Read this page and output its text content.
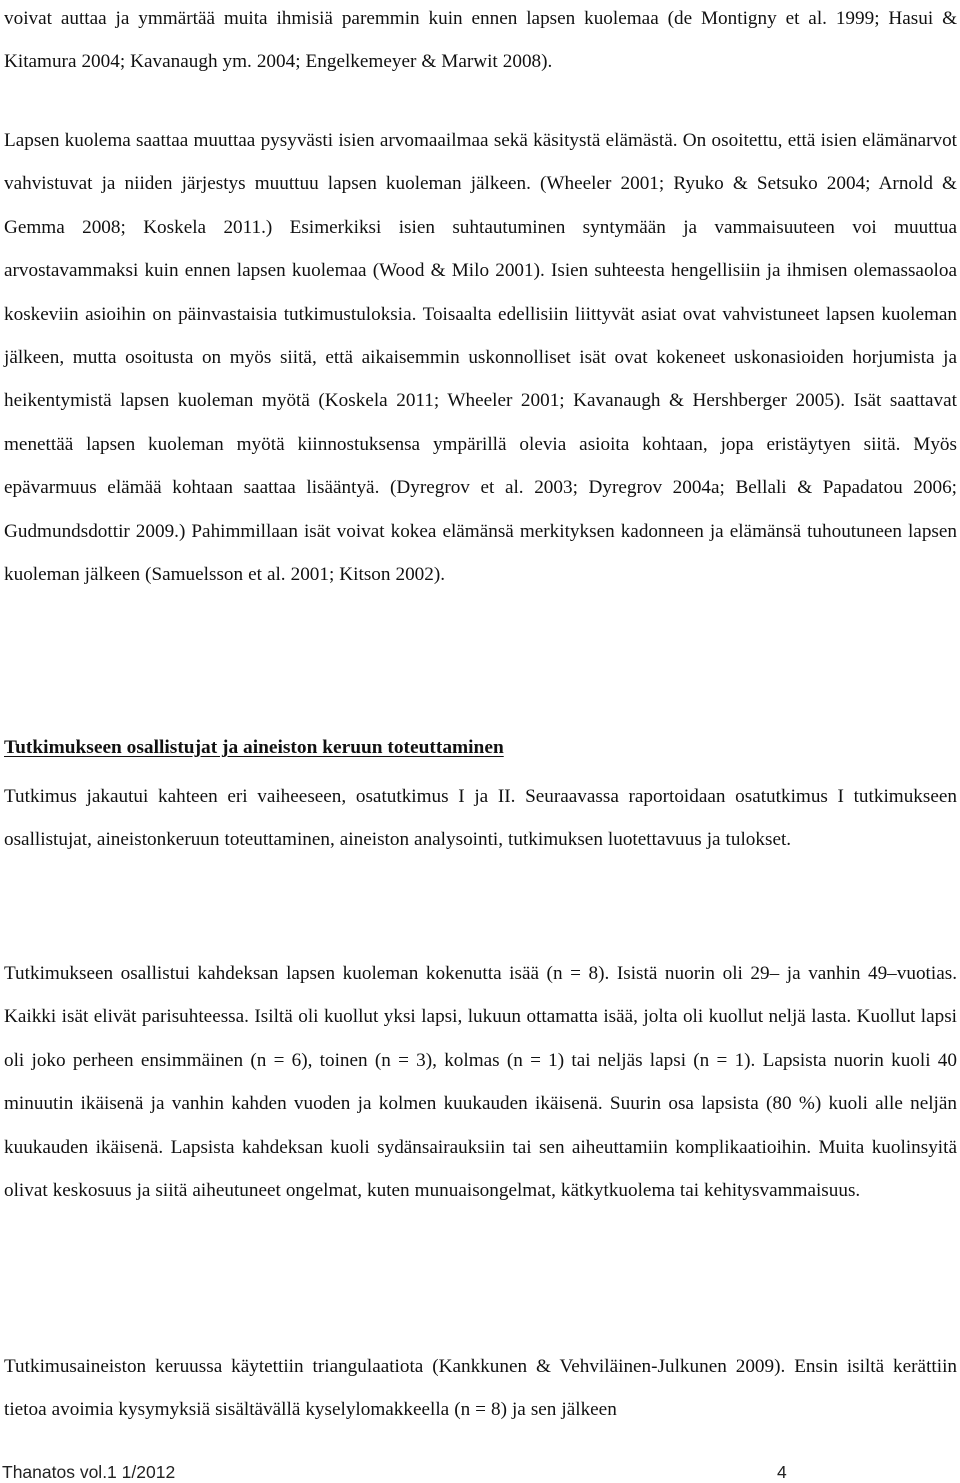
voivat auttaa ja ymmärtää muita ihmisiä paremmin kuin ennen lapsen kuolemaa (de Montigny et al. 1999; Hasui & Kitamura 2004; Kavanaugh ym. 2004; Engelkemeyer & Marwit 2008).

Lapsen kuolema saattaa muuttaa pysyvästi isien arvomaailmaa sekä käsitystä elämästä. On osoitettu, että isien elämänarvot vahvistuvat ja niiden järjestys muuttuu lapsen kuoleman jälkeen. (Wheeler 2001; Ryuko & Setsuko 2004; Arnold & Gemma 2008; Koskela 2011.) Esimerkiksi isien suhtautuminen syntymään ja vammaisuuteen voi muuttua arvostavammaksi kuin ennen lapsen kuolemaa (Wood & Milo 2001). Isien suhteesta hengellisiin ja ihmisen olemassaoloa koskeviin asioihin on päinvastaisia tutkimustuloksia. Toisaalta edellisiin liittyvät asiat ovat vahvistuneet lapsen kuoleman jälkeen, mutta osoitusta on myös siitä, että aikaisemmin uskonnolliset isät ovat kokeneet uskonasioiden horjumista ja heikentymistä lapsen kuoleman myötä (Koskela 2011; Wheeler 2001; Kavanaugh & Hershberger 2005). Isät saattavat menettää lapsen kuoleman myötä kiinnostuksensa ympärillä olevia asioita kohtaan, jopa eristäytyen siitä. Myös epävarmuus elämää kohtaan saattaa lisääntyä. (Dyregrov et al. 2003; Dyregrov 2004a; Bellali & Papadatou 2006; Gudmundsdottir 2009.) Pahimmillaan isät voivat kokea elämänsä merkityksen kadonneen ja elämänsä tuhoutuneen lapsen kuoleman jälkeen (Samuelsson et al. 2001; Kitson 2002).

Tutkimukseen osallistujat ja aineiston keruun toteuttaminen

Tutkimus jakautui kahteen eri vaiheeseen, osatutkimus I ja II. Seuraavassa raportoidaan osatutkimus I tutkimukseen osallistujat, aineistonkeruun toteuttaminen, aineiston analysointi, tutkimuksen luotettavuus ja tulokset.

Tutkimukseen osallistui kahdeksan lapsen kuoleman kokenutta isää (n = 8). Isistä nuorin oli 29– ja vanhin 49–vuotias. Kaikki isät elivät parisuhteessa. Isiltä oli kuollut yksi lapsi, lukuun ottamatta isää, jolta oli kuollut neljä lasta. Kuollut lapsi oli joko perheen ensimmäinen (n = 6), toinen (n = 3), kolmas (n = 1) tai neljäs lapsi (n = 1). Lapsista nuorin kuoli 40 minuutin ikäisenä ja vanhin kahden vuoden ja kolmen kuukauden ikäisenä. Suurin osa lapsista (80 %) kuoli alle neljän kuukauden ikäisenä. Lapsista kahdeksan kuoli sydänsairauksiin tai sen aiheuttamiin komplikaatioihin. Muita kuolinsyitä olivat keskosuus ja siitä aiheutuneet ongelmat, kuten munuaisongelmat, kätkytkuolema tai kehitysvammaisuus.

Tutkimusaineiston keruussa käytettiin triangulaatiota (Kankkunen & Vehviläinen-Julkunen 2009). Ensin isiltä kerättiin tietoa avoimia kysymyksiä sisältävällä kyselylomakkeella (n = 8) ja sen jälkeen

Thanatos vol.1 1/2012	4
